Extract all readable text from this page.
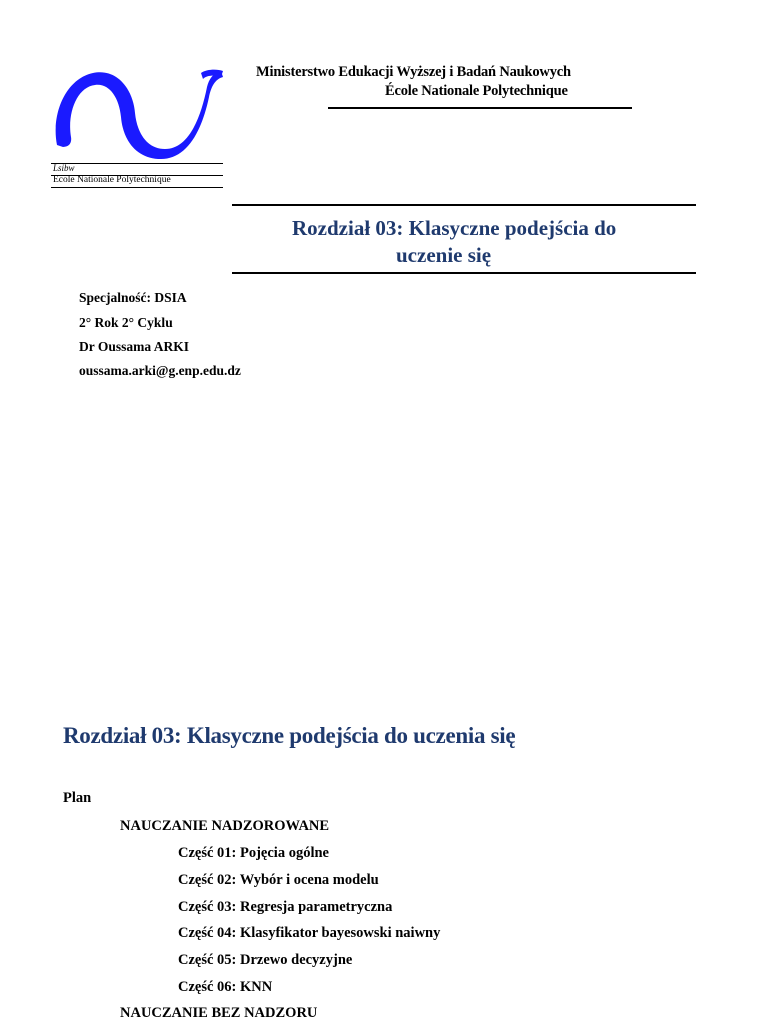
Lsibw
Ecole Nationale Polytechnique
Ministerstwo Edukacji Wyższej i Badań Naukowych
École Nationale Polytechnique
Rozdział 03: Klasyczne podejścia do
uczenie się
Specjalność: DSIA
2° Rok 2° Cyklu
Dr Oussama ARKI
oussama.arki@g.enp.edu.dz
Rozdział 03: Klasyczne podejścia do uczenia się
Plan
NAUCZANIE NADZOROWANE
Część 01: Pojęcia ogólne
Część 02: Wybór i ocena modelu
Część 03: Regresja parametryczna
Część 04: Klasyfikator bayesowski naiwny
Część 05: Drzewo decyzyjne
Część 06: KNN
NAUCZANIE BEZ NADZORU
